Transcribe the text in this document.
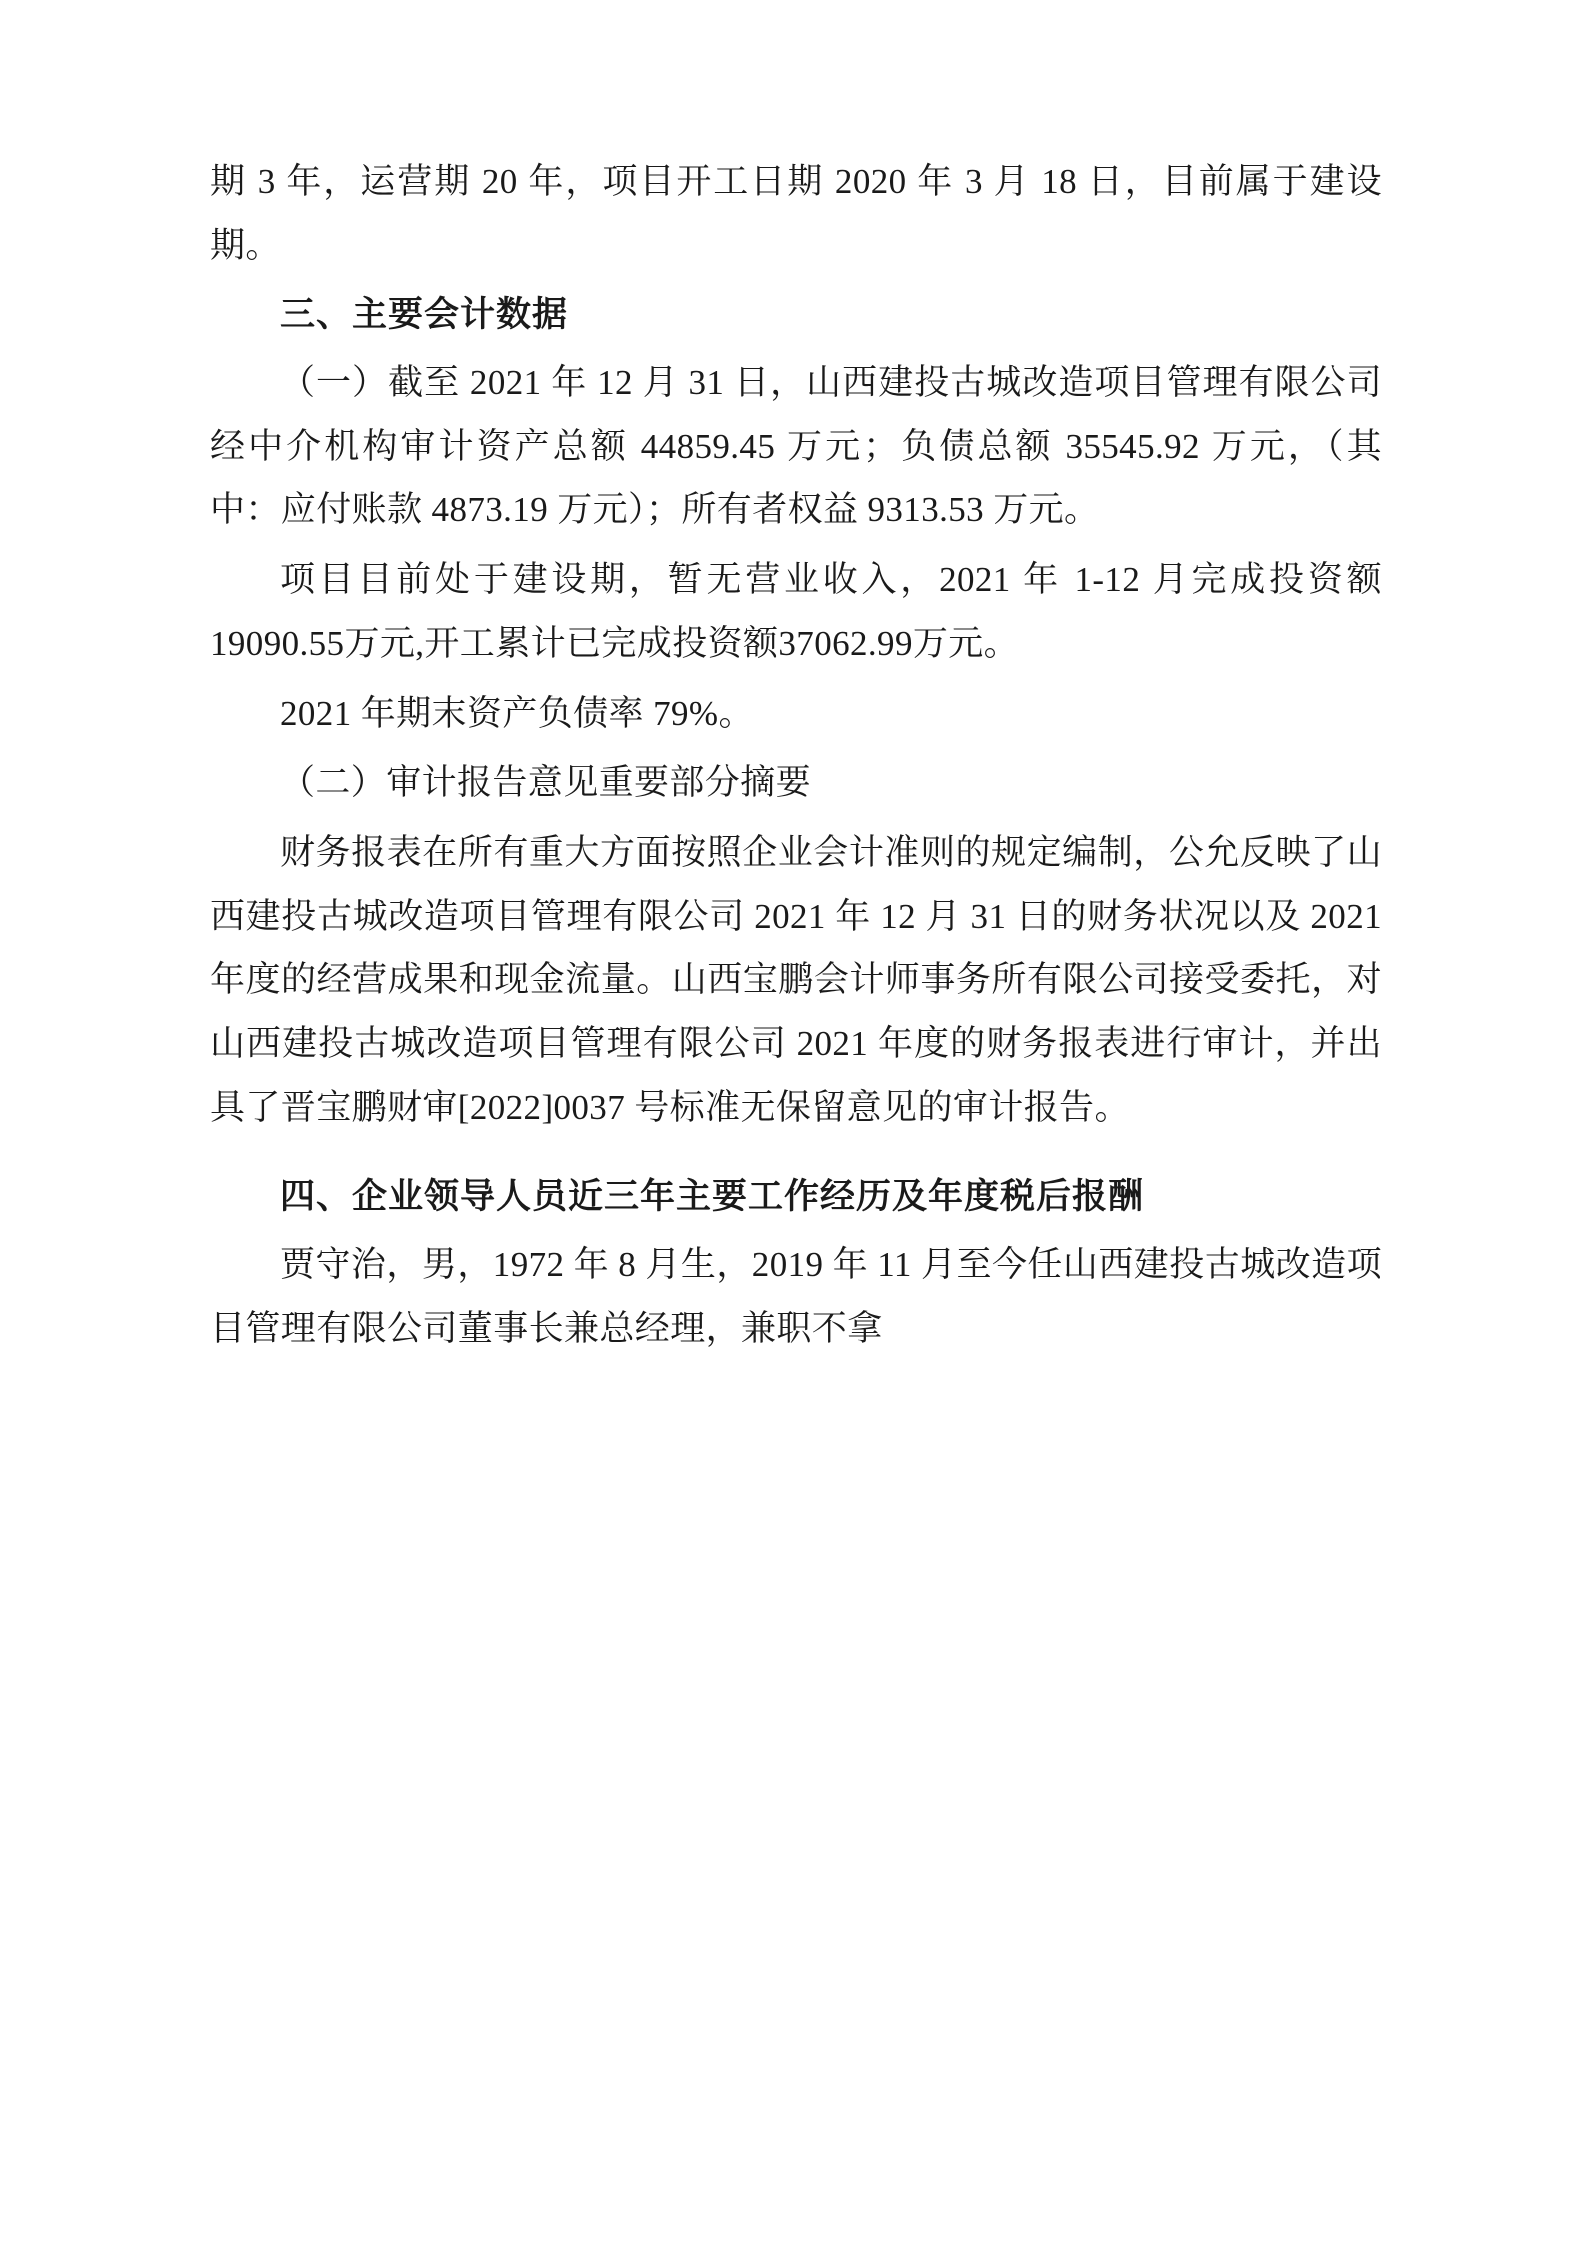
期 3 年，运营期 20 年，项目开工日期 2020 年 3 月 18 日，目前属于建设期。

三、主要会计数据

（一）截至 2021 年 12 月 31 日，山西建投古城改造项目管理有限公司经中介机构审计资产总额 44859.45 万元；负债总额 35545.92 万元，（其中：应付账款 4873.19 万元）；所有者权益 9313.53 万元。

项目目前处于建设期，暂无营业收入，2021 年 1-12 月完成投资额19090.55万元,开工累计已完成投资额37062.99万元。

2021 年期末资产负债率 79%。

（二）审计报告意见重要部分摘要

财务报表在所有重大方面按照企业会计准则的规定编制，公允反映了山西建投古城改造项目管理有限公司 2021 年 12 月 31 日的财务状况以及 2021 年度的经营成果和现金流量。山西宝鹏会计师事务所有限公司接受委托，对山西建投古城改造项目管理有限公司 2021 年度的财务报表进行审计，并出具了晋宝鹏财审[2022]0037 号标准无保留意见的审计报告。

四、企业领导人员近三年主要工作经历及年度税后报酬

贾守治，男，1972 年 8 月生，2019 年 11 月至今任山西建投古城改造项目管理有限公司董事长兼总经理，兼职不拿
